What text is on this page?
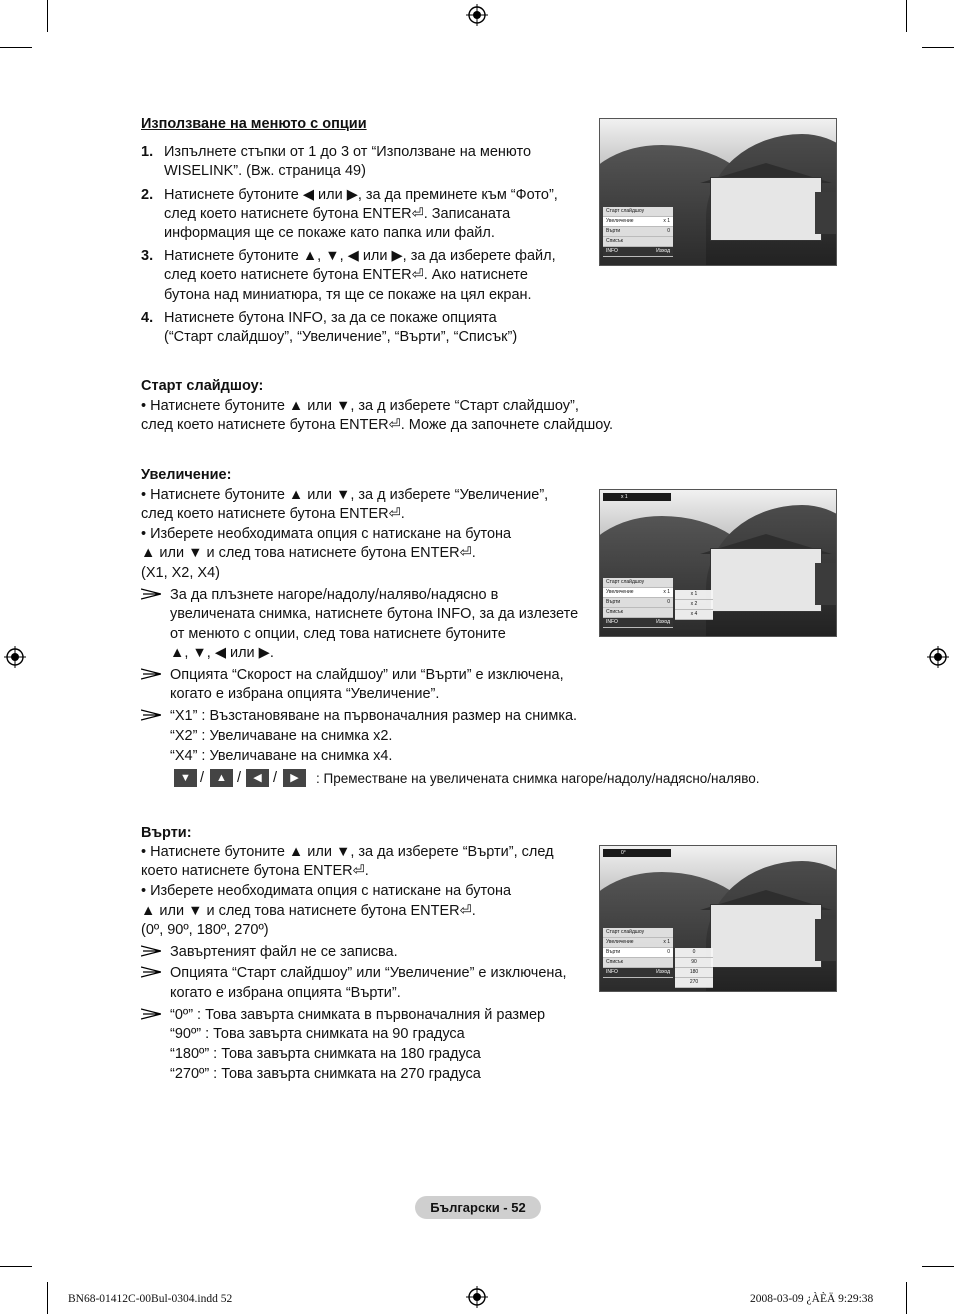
Използване на менюто с опции
1. Изпълнете стъпки от 1 до 3 от “Използване на менюто
WISELINK”. (Вж. страница 49)
2. Натиснете бутоните ◀ или ▶, за да преминете към “Фото”,
след което натиснете бутона ENTER⏎. Записаната
информация ще се покаже като папка или файл.
3. Натиснете бутоните ▲, ▼, ◀ или ▶, за да изберете файл,
след което натиснете бутона ENTER⏎. Ако натиснете
бутона над миниатюра, тя ще се покаже на цял екран.
4. Натиснете бутона INFO, за да се покаже опцията
(“Старт слайдшоу”, “Увеличение”, “Върти”, “Списък”)
Старт слайдшоу
Увеличение	x 1
Върти	0
Списък
INFO	Изход
Старт слайдшоу:
• Натиснете бутоните ▲ или ▼, за д изберете “Старт слайдшоу”,
след което натиснете бутона ENTER⏎. Може да започнете слайдшоу.
Увеличение:
• Натиснете бутоните ▲ или ▼, за д изберете “Увеличение”,
след което натиснете бутона ENTER⏎.
• Изберете необходимата опция с натискане на бутона
▲ или ▼ и след това натиснете бутона ENTER⏎.
(X1, X2, X4)
За да плъзнете нагоре/надолу/наляво/надясно в
увеличената снимка, натиснете бутона INFO, за да излезете
от менюто с опции, след това натиснете бутоните
▲, ▼, ◀ или ▶.
Опцията “Скорост на слайдшоу” или “Върти” е изключена,
когато е избрана опцията “Увеличение”.
“X1” : Възстановяване на първоначалния размер на снимка.
“X2” : Увеличаване на снимка x2.
“X4” : Увеличаване на снимка x4.
▼ /	▲ /	◀ /	▶	: Преместване на увеличената снимка нагоре/надолу/надясно/наляво.
x 1
Старт слайдшоу
Увеличение	x 1
Върти	0
Списък
INFO	Изход
x 1
x 2
x 4
Върти:
• Натиснете бутоните ▲ или ▼, за да изберете “Върти”, след
което натиснете бутона ENTER⏎.
• Изберете необходимата опция с натискане на бутона
▲ или ▼ и след това натиснете бутона ENTER⏎.
(0º, 90º, 180º, 270º)
Завъртеният файл не се записва.
Опцията “Старт слайдшоу” или “Увеличение” е изключена,
когато е избрана опцията “Върти”.
“0º” : Това завърта снимката в първоначалния й размер
“90º” : Това завърта снимката на 90 градуса
“180º” : Това завърта снимката на 180 градуса
“270º” : Това завърта снимката на 270 градуса
0°
Старт слайдшоу
Увеличение	x 1
Върти	0
Списък
INFO	Изход
0
90
180
270
Български - 52
BN68-01412C-00Bul-0304.indd 52	2008-03-09 ¿ÀÈÄ 9:29:38
